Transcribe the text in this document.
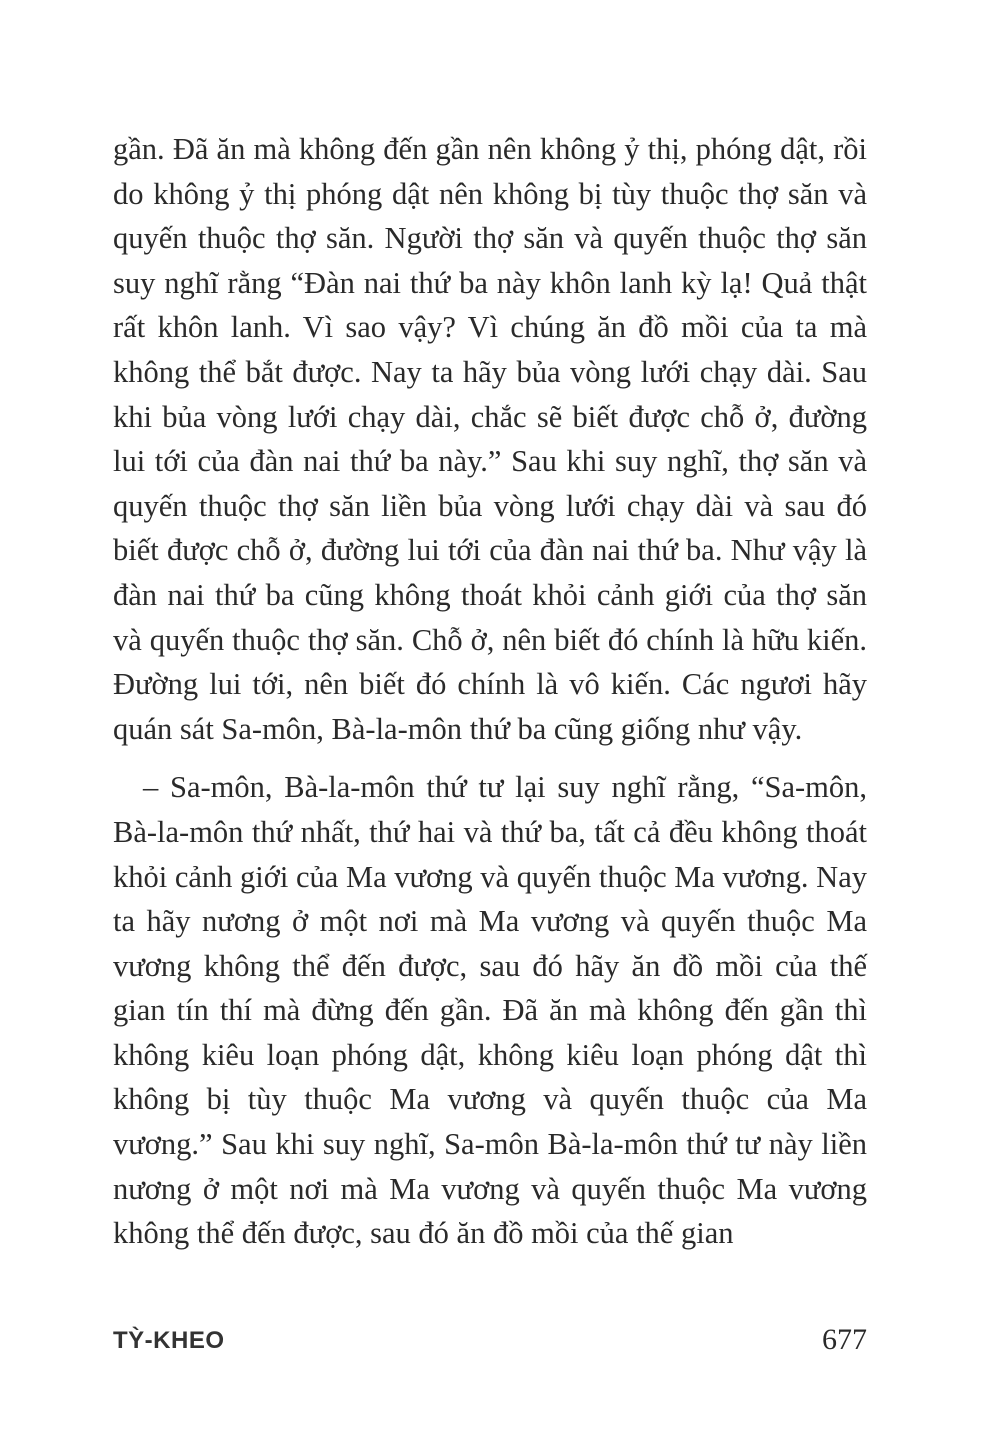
gần. Đã ăn mà không đến gần nên không ỷ thị, phóng dật, rồi do không ỷ thị phóng dật nên không bị tùy thuộc thợ săn và quyến thuộc thợ săn. Người thợ săn và quyến thuộc thợ săn suy nghĩ rằng “Đàn nai thứ ba này khôn lanh kỳ lạ! Quả thật rất khôn lanh. Vì sao vậy? Vì chúng ăn đồ mồi của ta mà không thể bắt được. Nay ta hãy bủa vòng lưới chạy dài. Sau khi bủa vòng lưới chạy dài, chắc sẽ biết được chỗ ở, đường lui tới của đàn nai thứ ba này.” Sau khi suy nghĩ, thợ săn và quyến thuộc thợ săn liền bủa vòng lưới chạy dài và sau đó biết được chỗ ở, đường lui tới của đàn nai thứ ba. Như vậy là đàn nai thứ ba cũng không thoát khỏi cảnh giới của thợ săn và quyến thuộc thợ săn. Chỗ ở, nên biết đó chính là hữu kiến. Đường lui tới, nên biết đó chính là vô kiến. Các ngươi hãy quán sát Sa-môn, Bà-la-môn thứ ba cũng giống như vậy.

– Sa-môn, Bà-la-môn thứ tư lại suy nghĩ rằng, “Sa-môn, Bà-la-môn thứ nhất, thứ hai và thứ ba, tất cả đều không thoát khỏi cảnh giới của Ma vương và quyến thuộc Ma vương. Nay ta hãy nương ở một nơi mà Ma vương và quyến thuộc Ma vương không thể đến được, sau đó hãy ăn đồ mồi của thế gian tín thí mà đừng đến gần. Đã ăn mà không đến gần thì không kiêu loạn phóng dật, không kiêu loạn phóng dật thì không bị tùy thuộc Ma vương và quyến thuộc của Ma vương.” Sau khi suy nghĩ, Sa-môn Bà-la-môn thứ tư này liền nương ở một nơi mà Ma vương và quyến thuộc Ma vương không thể đến được, sau đó ăn đồ mồi của thế gian

TỲ-KHEO	677
